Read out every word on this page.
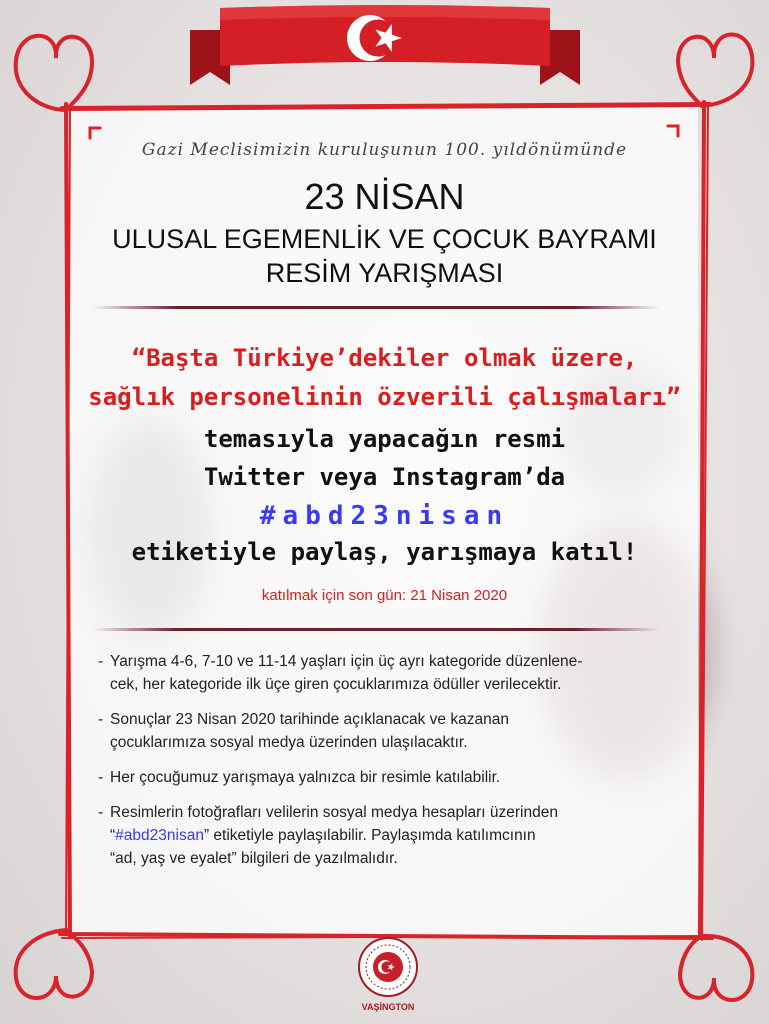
Gazi Meclisimizin kuruluşunun 100. yıldönümünde
23 NİSAN
ULUSAL EGEMENLİK VE ÇOCUK BAYRAMI
RESİM YARIŞMASI
“Başta Türkiye’dekiler olmak üzere,
sağlık personelinin özverili çalışmaları”
temasıyla yapacağın resmi
Twitter veya Instagram’da
#abd23nisan
etiketiyle paylaş, yarışmaya katıl!
katılmak için son gün: 21 Nisan 2020
- Yarışma 4-6, 7-10 ve 11-14 yaşları için üç ayrı kategoride düzenlene-
cek, her kategoride ilk üçe giren çocuklarımıza ödüller verilecektir.
- Sonuçlar 23 Nisan 2020 tarihinde açıklanacak ve kazanan
çocuklarımıza sosyal medya üzerinden ulaşılacaktır.
- Her çocuğumuz yarışmaya yalnızca bir resimle katılabilir.
- Resimlerin fotoğrafları velilerin sosyal medya hesapları üzerinden
“#abd23nisan” etiketiyle paylaşılabilir. Paylaşımda katılımcının
“ad, yaş ve eyalet” bilgileri de yazılmalıdır.
VAŞİNGTON
